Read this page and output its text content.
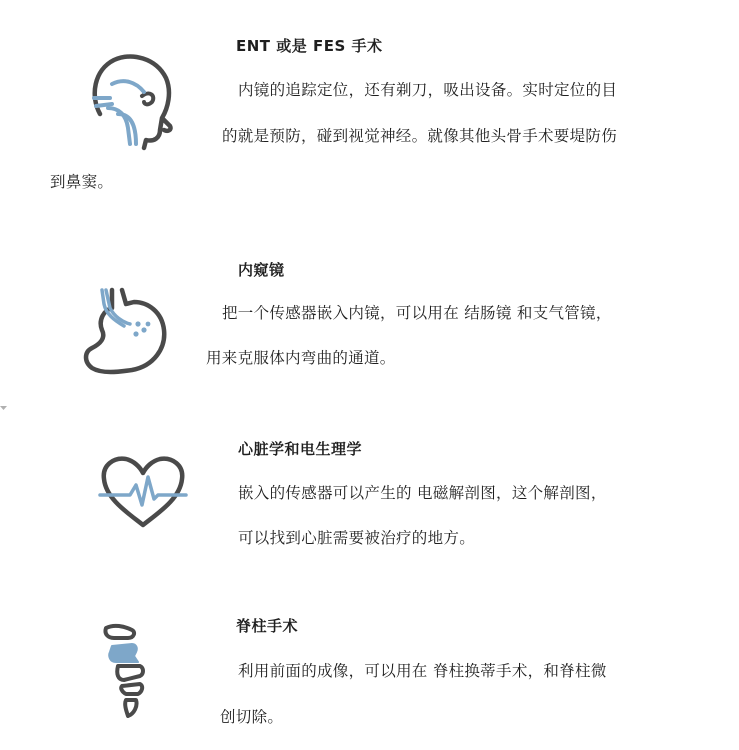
ENT 或是 FES 手术
内镜的追踪定位，还有剃刀，吸出设备。实时定位的目
的就是预防，碰到视觉神经。就像其他头骨手术要堤防伤
到鼻窦。
内窥镜
把一个传感器嵌入内镜，可以用在 结肠镜 和支气管镜，
用来克服体内弯曲的通道。
心脏学和电生理学
嵌入的传感器可以产生的 电磁解剖图，这个解剖图，
可以找到心脏需要被治疗的地方。
脊柱手术
利用前面的成像，可以用在 脊柱换蒂手术，和脊柱微
创切除。
